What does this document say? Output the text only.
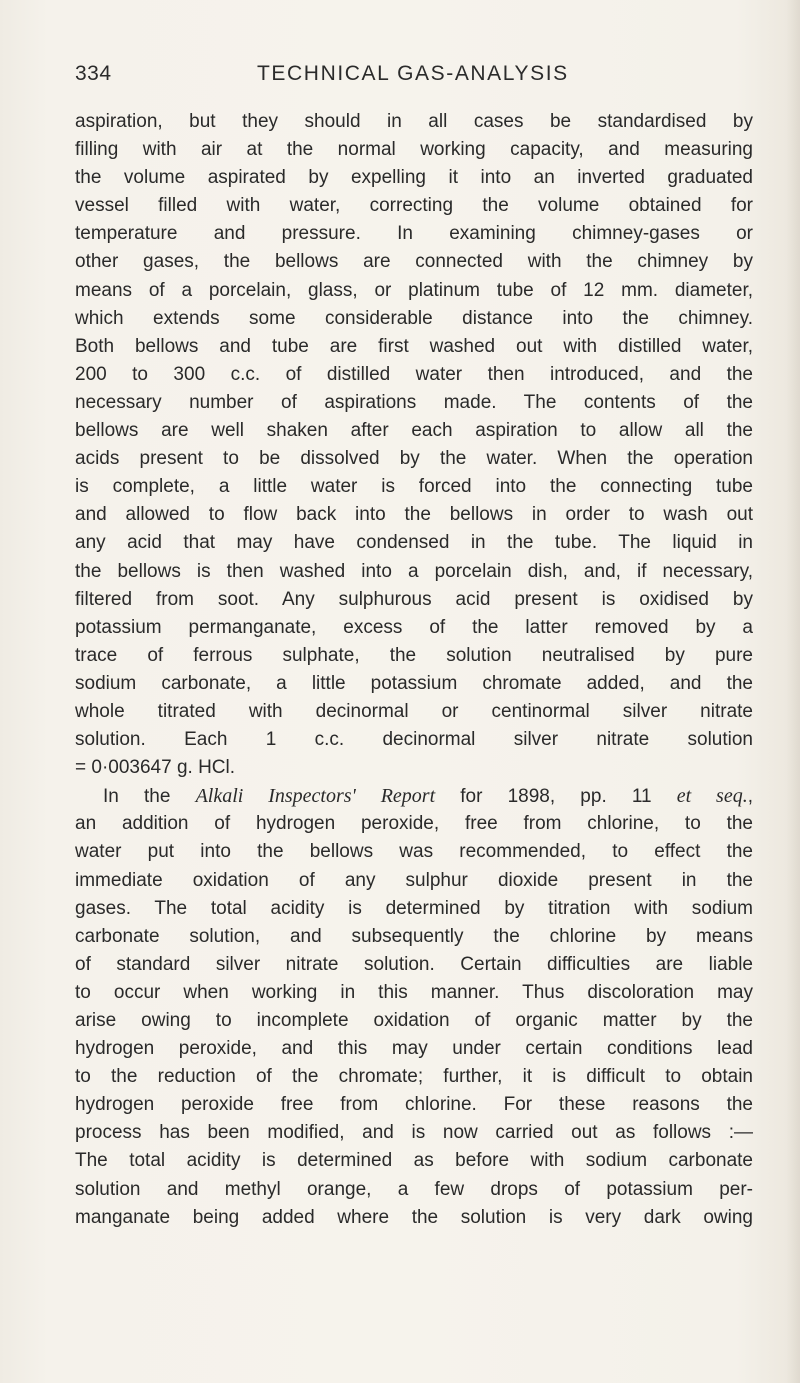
334	TECHNICAL GAS-ANALYSIS
aspiration, but they should in all cases be standardised by
filling with air at the normal working capacity, and measuring
the volume aspirated by expelling it into an inverted graduated
vessel filled with water, correcting the volume obtained for
temperature and pressure. In examining chimney-gases or
other gases, the bellows are connected with the chimney by
means of a porcelain, glass, or platinum tube of 12 mm. diameter,
which extends some considerable distance into the chimney.
Both bellows and tube are first washed out with distilled water,
200 to 300 c.c. of distilled water then introduced, and the
necessary number of aspirations made. The contents of the
bellows are well shaken after each aspiration to allow all the
acids present to be dissolved by the water. When the operation
is complete, a little water is forced into the connecting tube
and allowed to flow back into the bellows in order to wash out
any acid that may have condensed in the tube. The liquid in
the bellows is then washed into a porcelain dish, and, if necessary,
filtered from soot. Any sulphurous acid present is oxidised by
potassium permanganate, excess of the latter removed by a
trace of ferrous sulphate, the solution neutralised by pure
sodium carbonate, a little potassium chromate added, and the
whole titrated with decinormal or centinormal silver nitrate
solution. Each 1 c.c. decinormal silver nitrate solution
= 0·003647 g. HCl.
In the Alkali Inspectors' Report for 1898, pp. 11 et seq.,
an addition of hydrogen peroxide, free from chlorine, to the
water put into the bellows was recommended, to effect the
immediate oxidation of any sulphur dioxide present in the
gases. The total acidity is determined by titration with sodium
carbonate solution, and subsequently the chlorine by means
of standard silver nitrate solution. Certain difficulties are liable
to occur when working in this manner. Thus discoloration may
arise owing to incomplete oxidation of organic matter by the
hydrogen peroxide, and this may under certain conditions lead
to the reduction of the chromate; further, it is difficult to obtain
hydrogen peroxide free from chlorine. For these reasons the
process has been modified, and is now carried out as follows :—
The total acidity is determined as before with sodium carbonate
solution and methyl orange, a few drops of potassium per-
manganate being added where the solution is very dark owing
